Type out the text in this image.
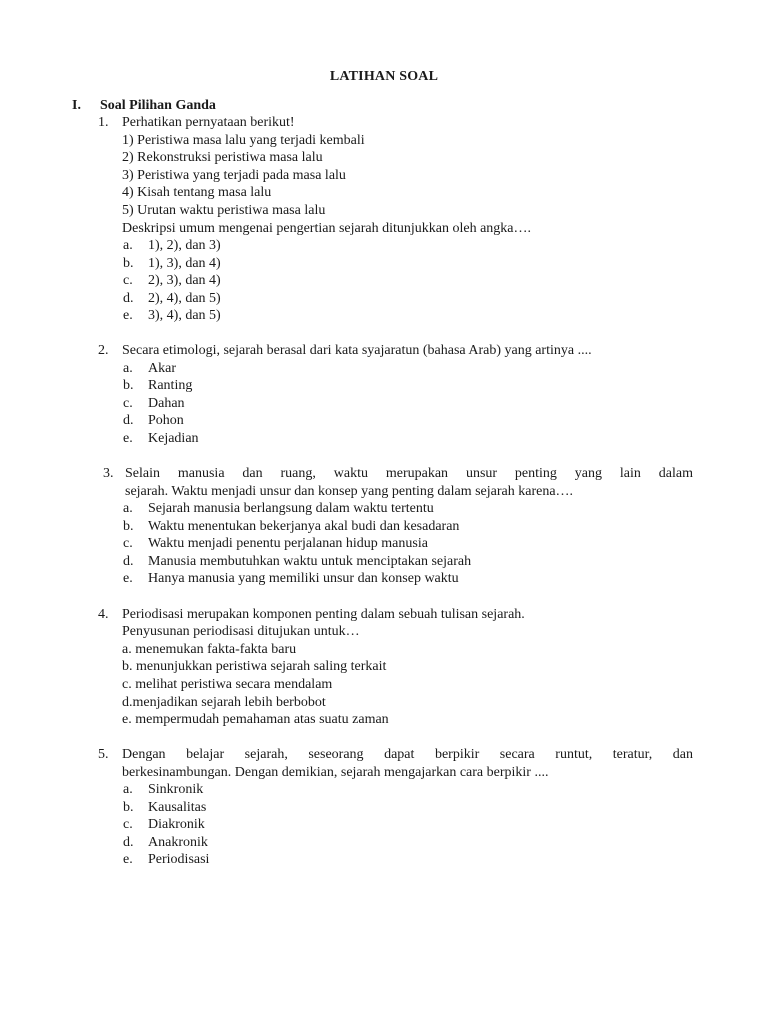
LATIHAN SOAL
I. Soal Pilihan Ganda
1. Perhatikan pernyataan berikut!
1) Peristiwa masa lalu yang terjadi kembali
2) Rekonstruksi peristiwa masa lalu
3) Peristiwa yang terjadi pada masa lalu
4) Kisah tentang masa lalu
5) Urutan waktu peristiwa masa lalu
Deskripsi umum mengenai pengertian sejarah ditunjukkan oleh angka….
a. 1), 2), dan 3)
b. 1), 3), dan 4)
c. 2), 3), dan 4)
d. 2), 4), dan 5)
e. 3), 4), dan 5)
2. Secara etimologi, sejarah berasal dari kata syajaratun (bahasa Arab) yang artinya ....
a. Akar
b. Ranting
c. Dahan
d. Pohon
e. Kejadian
3. Selain manusia dan ruang, waktu merupakan unsur penting yang lain dalam
sejarah. Waktu menjadi unsur dan konsep yang penting dalam sejarah karena….
a. Sejarah manusia berlangsung dalam waktu tertentu
b. Waktu menentukan bekerjanya akal budi dan kesadaran
c. Waktu menjadi penentu perjalanan hidup manusia
d. Manusia membutuhkan waktu untuk menciptakan sejarah
e. Hanya manusia yang memiliki unsur dan konsep waktu
4. Periodisasi merupakan komponen penting dalam sebuah tulisan sejarah.
Penyusunan periodisasi ditujukan untuk…
a. menemukan fakta-fakta baru
b. menunjukkan peristiwa sejarah saling terkait
c. melihat peristiwa secara mendalam
d.menjadikan sejarah lebih berbobot
e. mempermudah pemahaman atas suatu zaman
5. Dengan belajar sejarah, seseorang dapat berpikir secara runtut, teratur, dan
berkesinambungan. Dengan demikian, sejarah mengajarkan cara berpikir ....
a. Sinkronik
b. Kausalitas
c. Diakronik
d. Anakronik
e. Periodisasi
